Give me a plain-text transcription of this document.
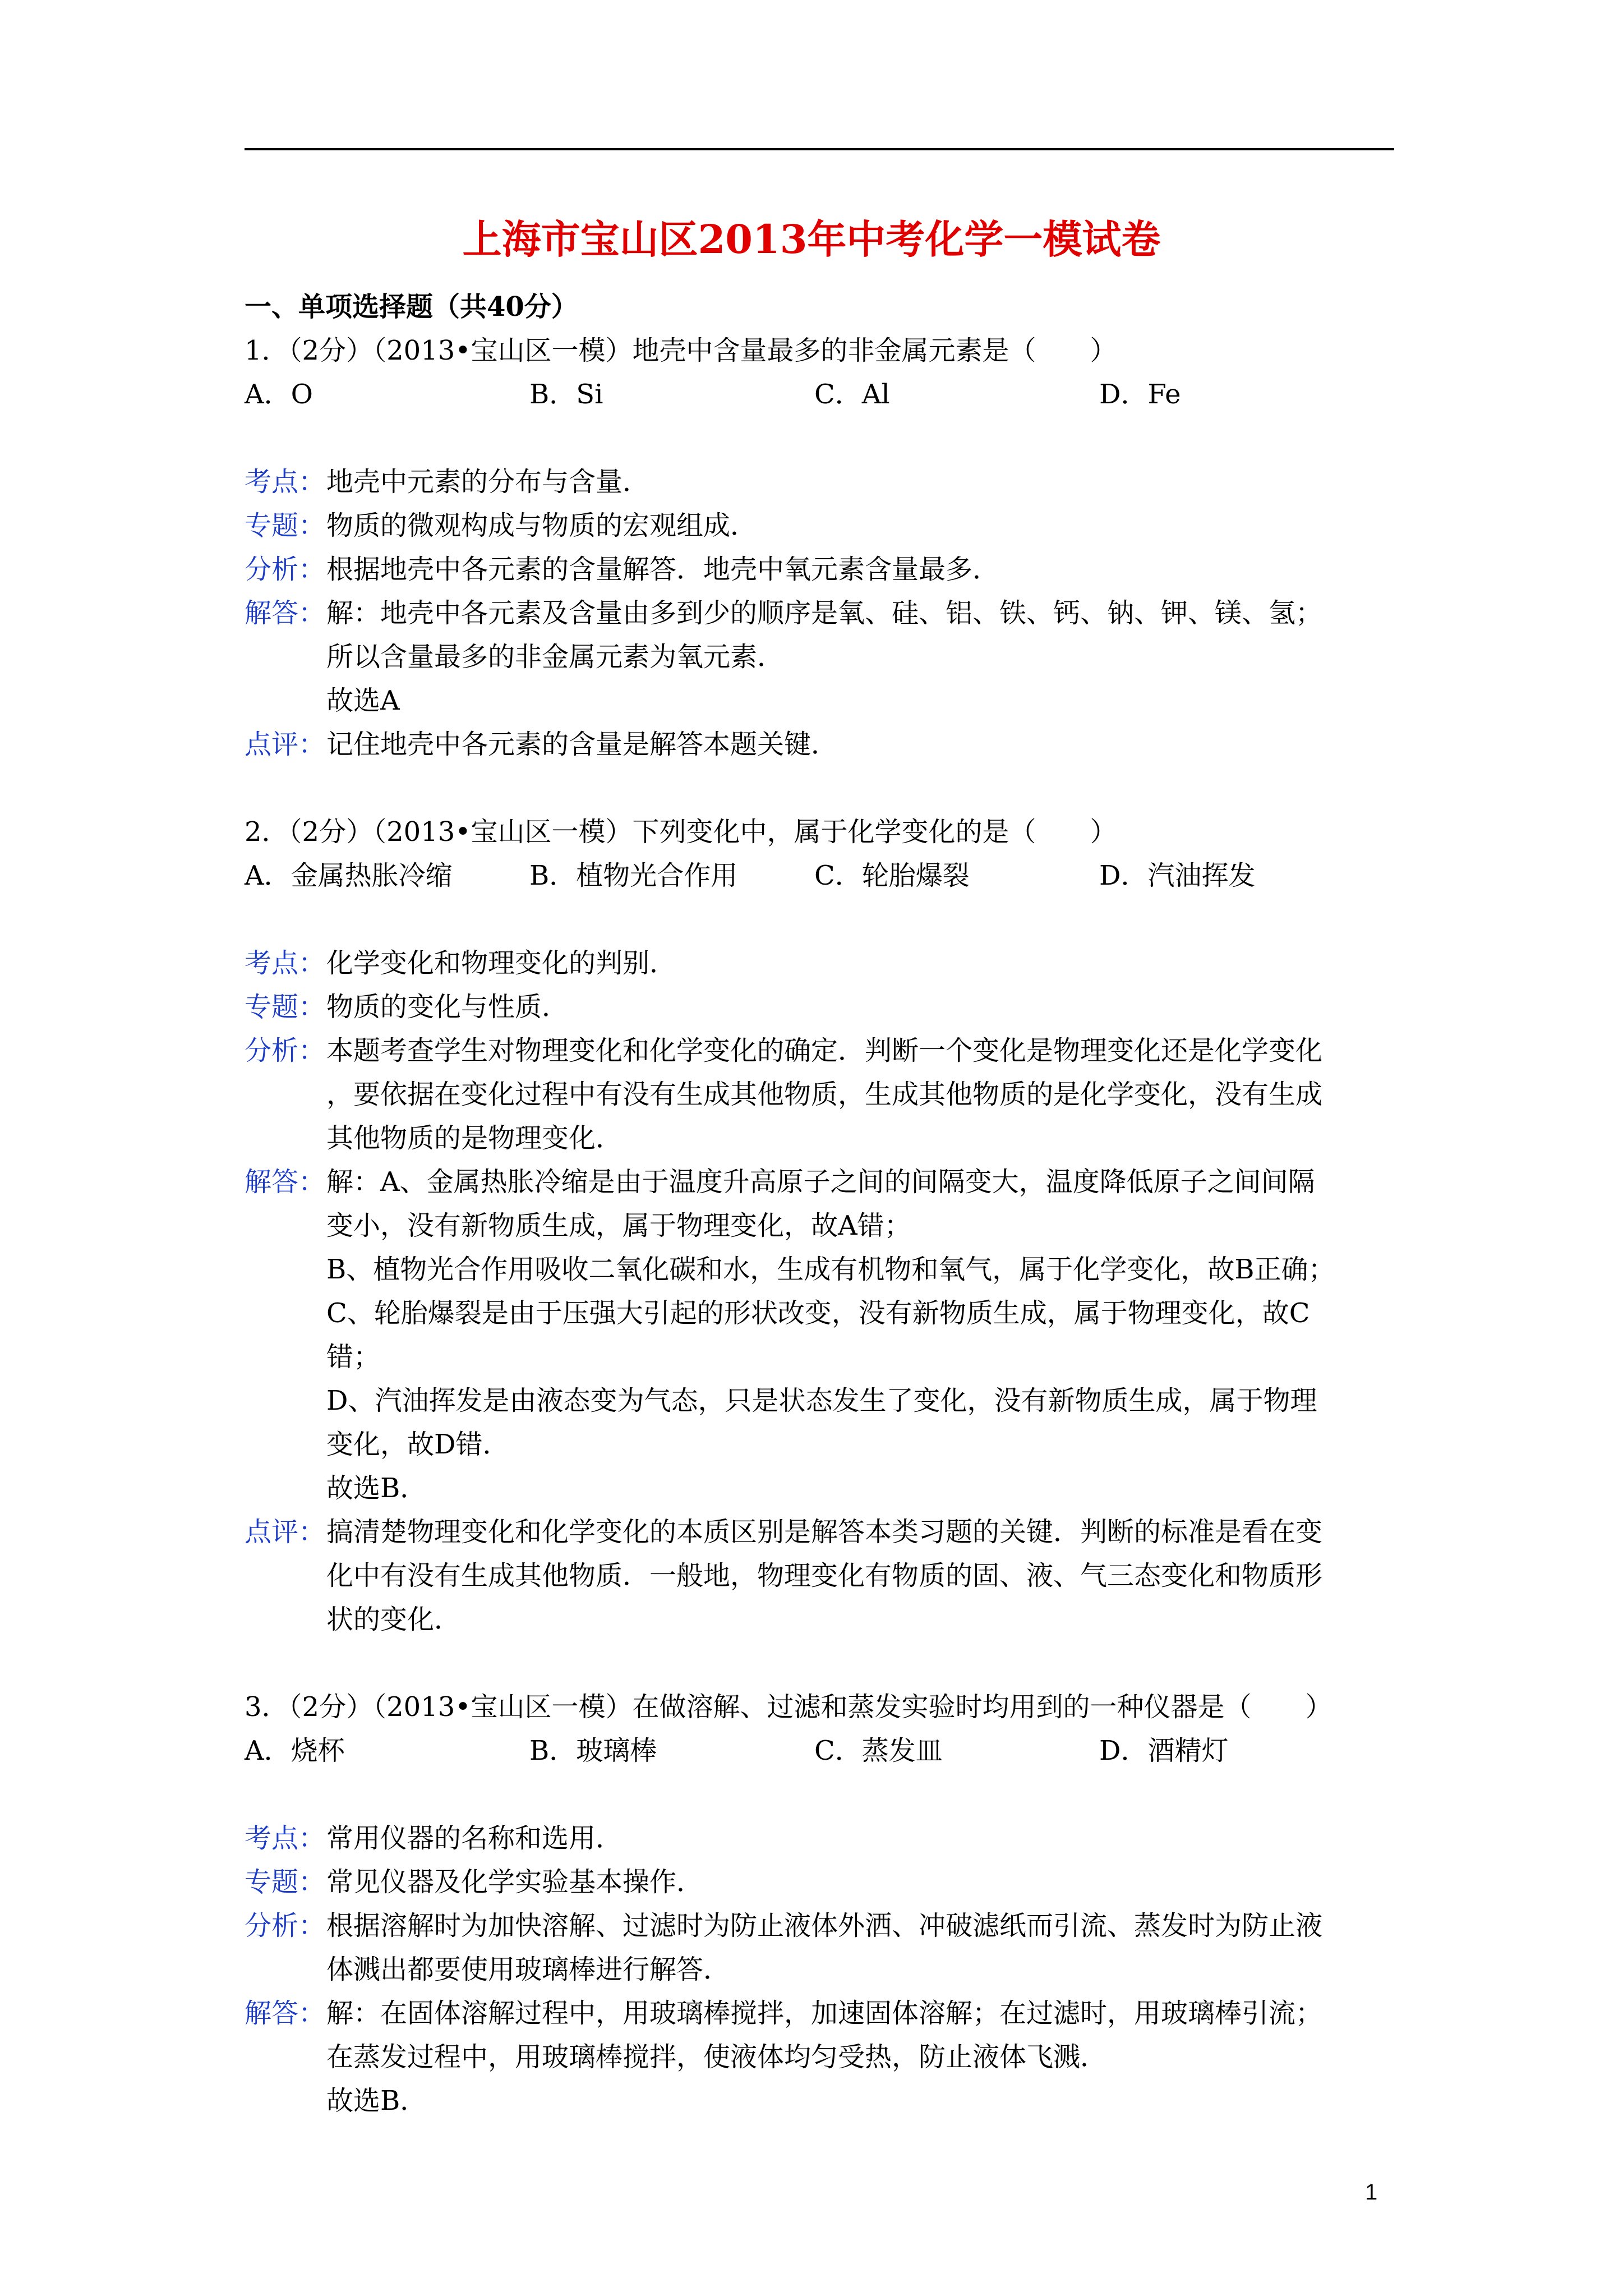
上海市宝山区2013年中考化学一模试卷

一、单项选择题（共40分）

1．（2分）（2013•宝山区一模）地壳中含量最多的非金属元素是（　　）

A．O	B．Si	C．Al	D．Fe

考点： 地壳中元素的分布与含量．

专题： 物质的微观构成与物质的宏观组成．

分析： 根据地壳中各元素的含量解答．地壳中氧元素含量最多．

解答： 解：地壳中各元素及含量由多到少的顺序是氧、硅、铝、铁、钙、钠、钾、镁、氢；

所以含量最多的非金属元素为氧元素．

故选A

点评： 记住地壳中各元素的含量是解答本题关键．

2．（2分）（2013•宝山区一模）下列变化中，属于化学变化的是（　　）

A．金属热胀冷缩	B．植物光合作用	C．轮胎爆裂	D．汽油挥发

考点： 化学变化和物理变化的判别．

专题： 物质的变化与性质．

分析： 本题考查学生对物理变化和化学变化的确定．判断一个变化是物理变化还是化学变化

，要依据在变化过程中有没有生成其他物质，生成其他物质的是化学变化，没有生成

其他物质的是物理变化．

解答： 解：A、金属热胀冷缩是由于温度升高原子之间的间隔变大，温度降低原子之间间隔

变小，没有新物质生成，属于物理变化，故A错；

B、植物光合作用吸收二氧化碳和水，生成有机物和氧气，属于化学变化，故B正确；

C、轮胎爆裂是由于压强大引起的形状改变，没有新物质生成，属于物理变化，故C

错；

D、汽油挥发是由液态变为气态，只是状态发生了变化，没有新物质生成，属于物理

变化，故D错．

故选B．

点评： 搞清楚物理变化和化学变化的本质区别是解答本类习题的关键．判断的标准是看在变

化中有没有生成其他物质．一般地，物理变化有物质的固、液、气三态变化和物质形

状的变化．

3．（2分）（2013•宝山区一模）在做溶解、过滤和蒸发实验时均用到的一种仪器是（　　）

A．烧杯	B．玻璃棒	C．蒸发皿	D．酒精灯

考点： 常用仪器的名称和选用．

专题： 常见仪器及化学实验基本操作．

分析： 根据溶解时为加快溶解、过滤时为防止液体外洒、冲破滤纸而引流、蒸发时为防止液

体溅出都要使用玻璃棒进行解答．

解答： 解：在固体溶解过程中，用玻璃棒搅拌，加速固体溶解；在过滤时，用玻璃棒引流；

在蒸发过程中，用玻璃棒搅拌，使液体均匀受热，防止液体飞溅．

故选B．

1
